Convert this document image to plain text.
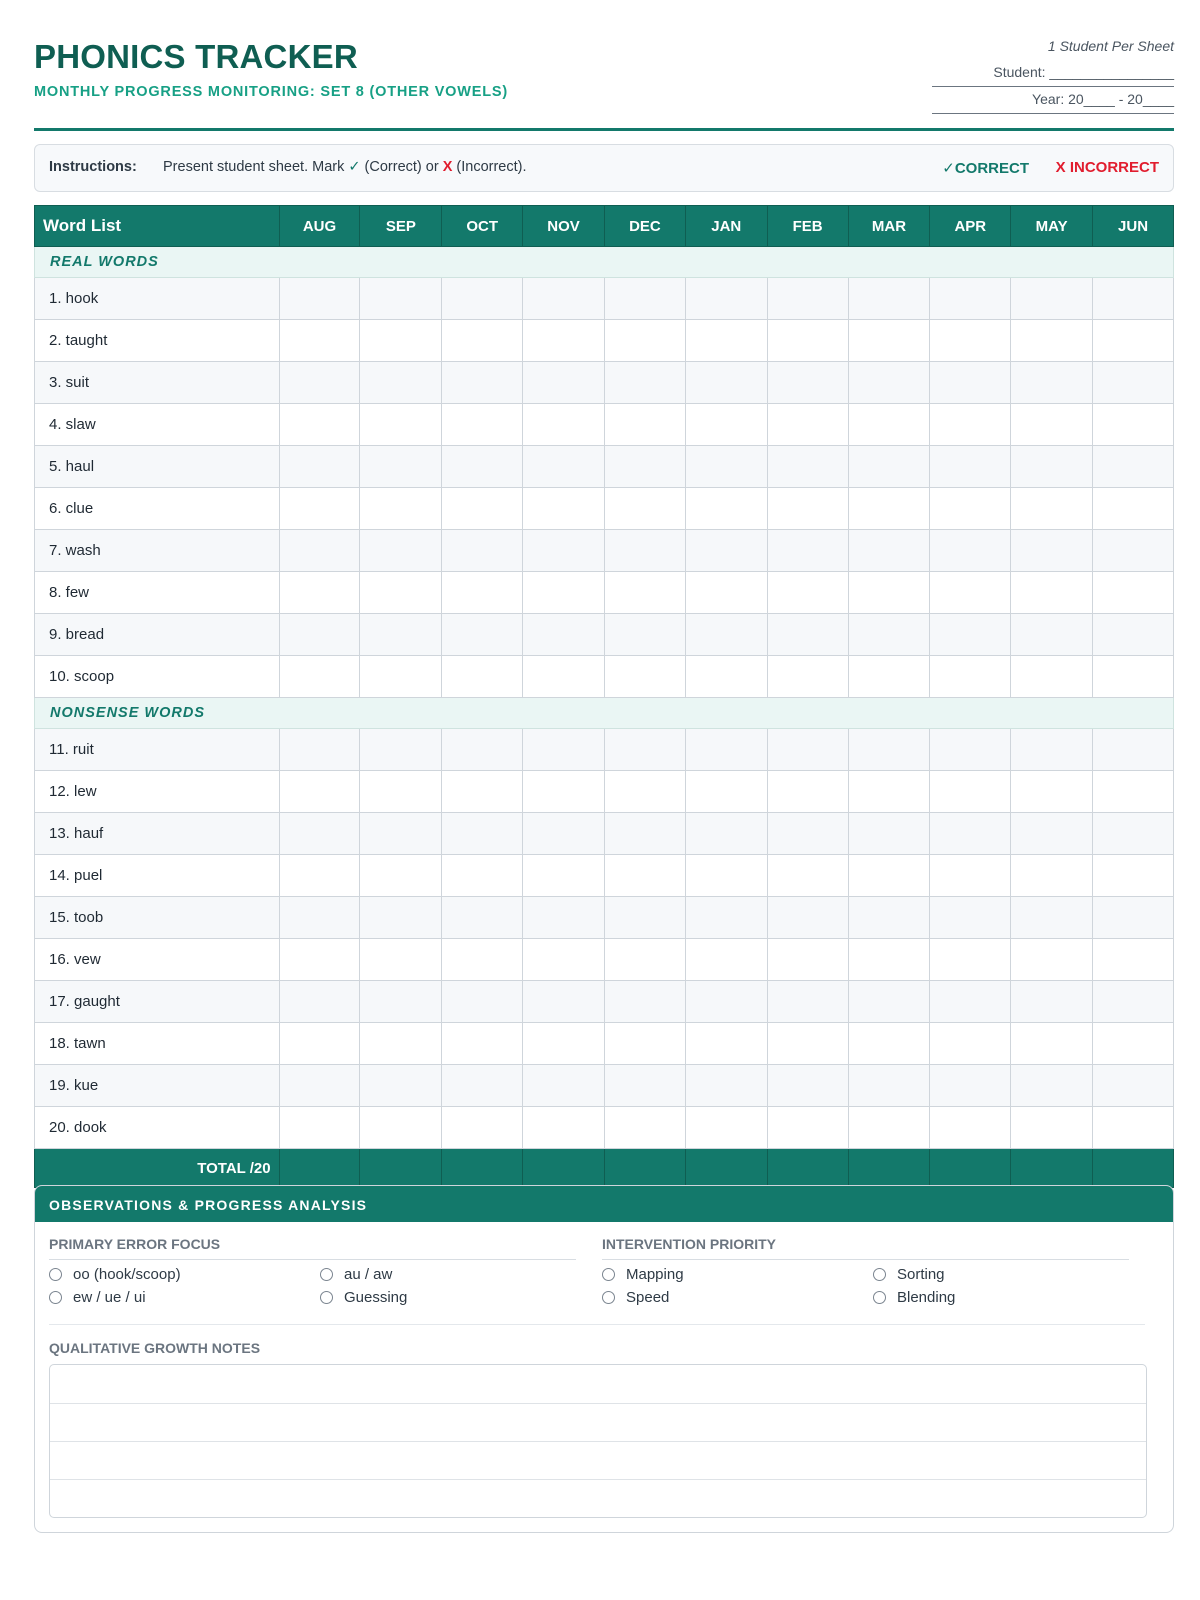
PHONICS TRACKER
MONTHLY PROGRESS MONITORING: SET 8 (OTHER VOWELS)
1 Student Per Sheet
Student: ________________
Year: 20____ - 20____
Instructions: Present student sheet. Mark ✓ (Correct) or X (Incorrect).	✓CORRECT X INCORRECT
Word List	AUG	SEP	OCT	NOV	DEC	JAN	FEB	MAR	APR	MAY	JUN
REAL WORDS											
1. hook											
2. taught											
3. suit											
4. slaw											
5. haul											
6. clue											
7. wash											
8. few											
9. bread											
10. scoop											
NONSENSE WORDS											
11. ruit											
12. lew											
13. hauf											
14. puel											
15. toob											
16. vew											
17. gaught											
18. tawn											
19. kue											
20. dook											
TOTAL /20											
OBSERVATIONS & PROGRESS ANALYSIS
PRIMARY ERROR FOCUS	INTERVENTION PRIORITY
oo (hook/scoop)
ew / ue / ui
au / aw
Guessing
Mapping
Speed
Sorting
Blending
QUALITATIVE GROWTH NOTES
